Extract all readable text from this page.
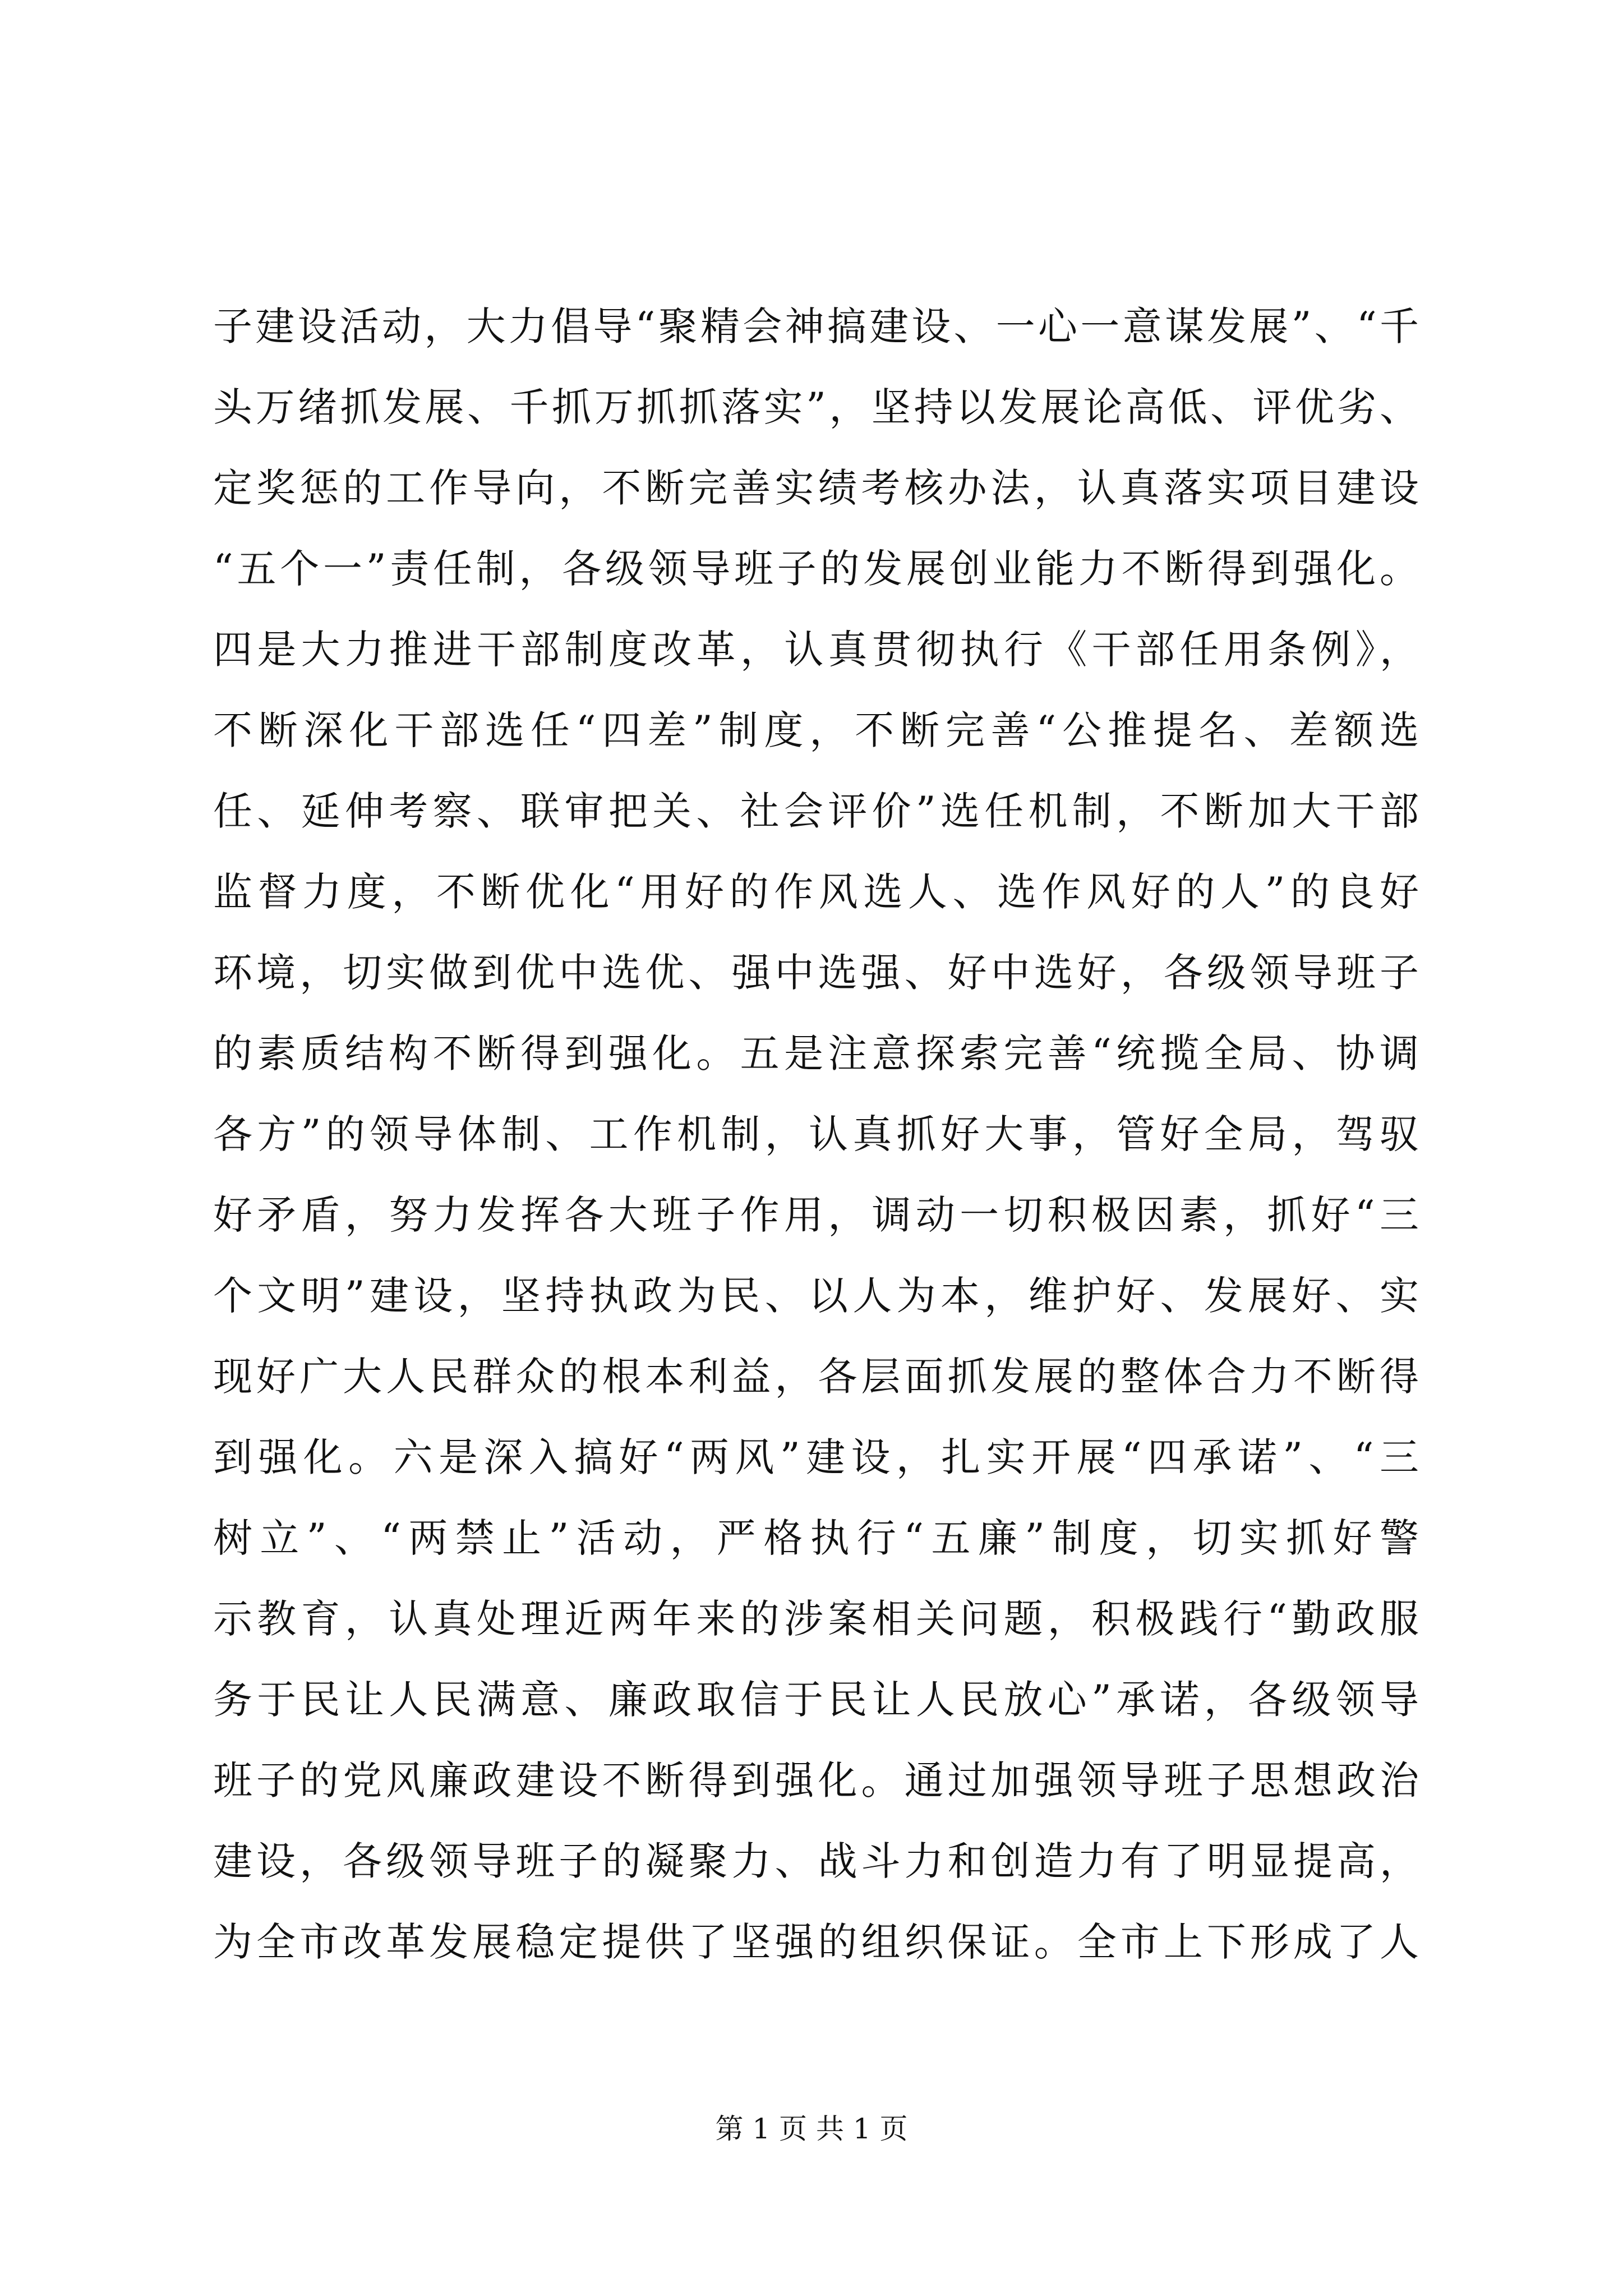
子建设活动，大力倡导“聚精会神搞建设、一心一意谋发展”、“千
头万绪抓发展、千抓万抓抓落实”，坚持以发展论高低、评优劣、
定奖惩的工作导向，不断完善实绩考核办法，认真落实项目建设
“五个一”责任制，各级领导班子的发展创业能力不断得到强化。
四是大力推进干部制度改革，认真贯彻执行《干部任用条例》，
不断深化干部选任“四差”制度，不断完善“公推提名、差额选
任、延伸考察、联审把关、社会评价”选任机制，不断加大干部
监督力度，不断优化“用好的作风选人、选作风好的人”的良好
环境，切实做到优中选优、强中选强、好中选好，各级领导班子
的素质结构不断得到强化。五是注意探索完善“统揽全局、协调
各方”的领导体制、工作机制，认真抓好大事，管好全局，驾驭
好矛盾，努力发挥各大班子作用，调动一切积极因素，抓好“三
个文明”建设，坚持执政为民、以人为本，维护好、发展好、实
现好广大人民群众的根本利益，各层面抓发展的整体合力不断得
到强化。六是深入搞好“两风”建设，扎实开展“四承诺”、“三
树立”、“两禁止”活动，严格执行“五廉”制度，切实抓好警
示教育，认真处理近两年来的涉案相关问题，积极践行“勤政服
务于民让人民满意、廉政取信于民让人民放心”承诺，各级领导
班子的党风廉政建设不断得到强化。通过加强领导班子思想政治
建设，各级领导班子的凝聚力、战斗力和创造力有了明显提高，
为全市改革发展稳定提供了坚强的组织保证。全市上下形成了人
第 1 页 共 1 页
